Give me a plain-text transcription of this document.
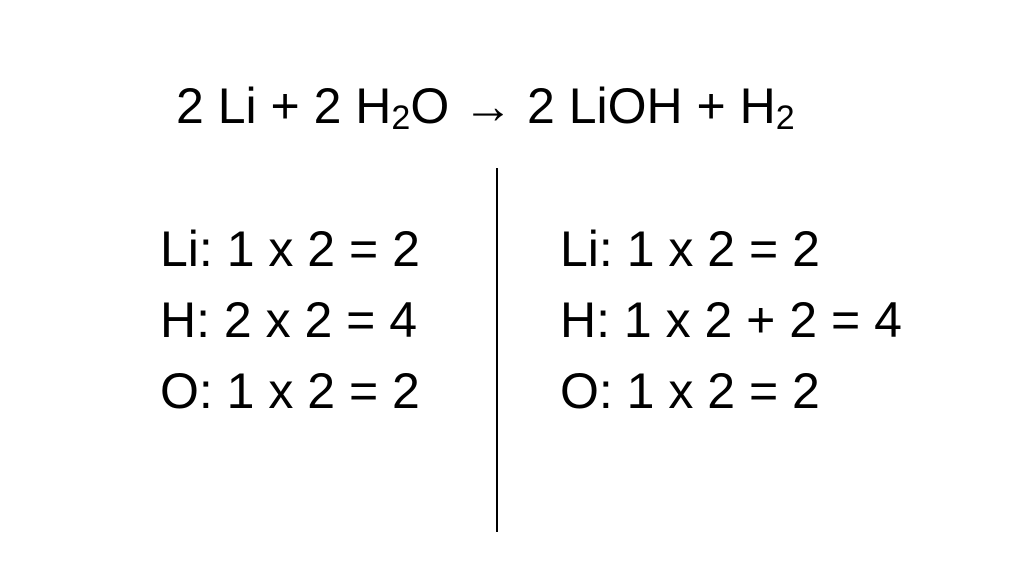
2 Li + 2 $H_2O \to 2$ LiOH + $H_2$
Li: 1 x 2 = 2
H: 2 x 2 = 4
O: 1 x 2 = 2
Li: 1 x 2 = 2
H: 1 x 2 + 2 = 4
O: 1 x 2 = 2
